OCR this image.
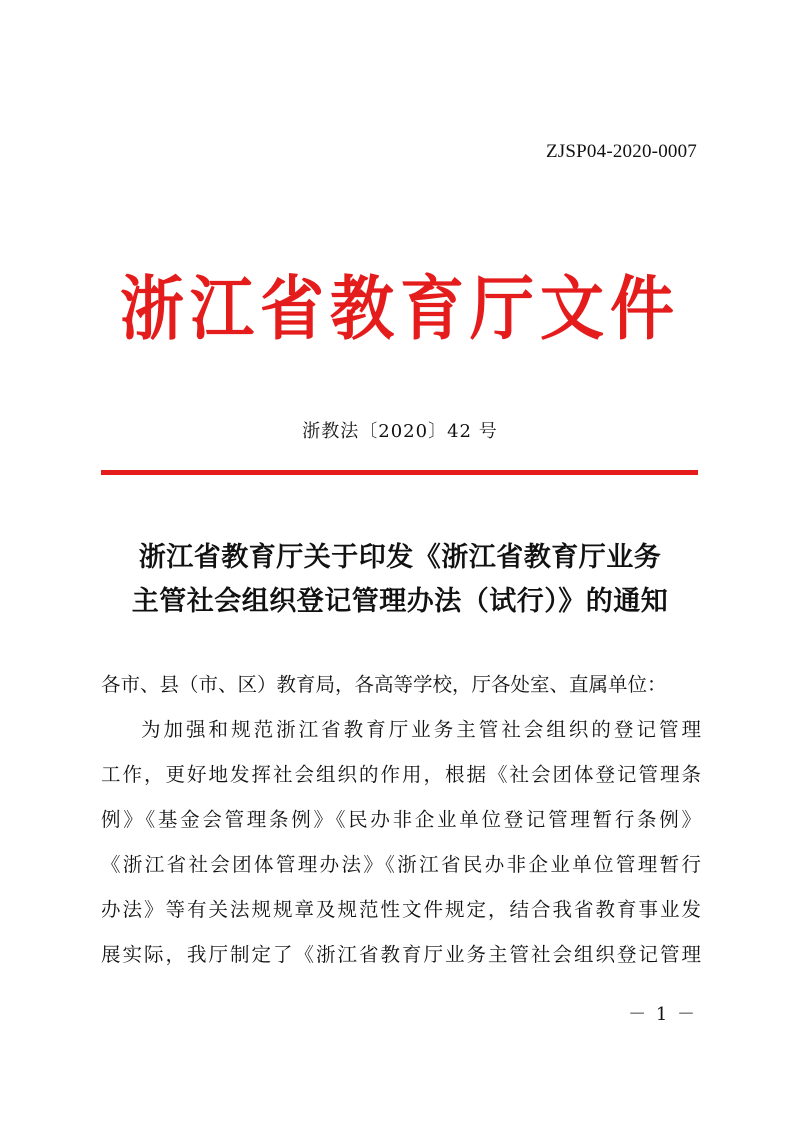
ZJSP04-2020-0007
浙江省教育厅文件
浙教法〔2020〕42 号
浙江省教育厅关于印发《浙江省教育厅业务
主管社会组织登记管理办法（试行）》的通知
各市、县（市、区）教育局，各高等学校，厅各处室、直属单位：
为加强和规范浙江省教育厅业务主管社会组织的登记管理
工作，更好地发挥社会组织的作用，根据《社会团体登记管理条
例》《基金会管理条例》《民办非企业单位登记管理暂行条例》
《浙江省社会团体管理办法》《浙江省民办非企业单位管理暂行
办法》等有关法规规章及规范性文件规定，结合我省教育事业发
展实际，我厅制定了《浙江省教育厅业务主管社会组织登记管理
－ 1 －
